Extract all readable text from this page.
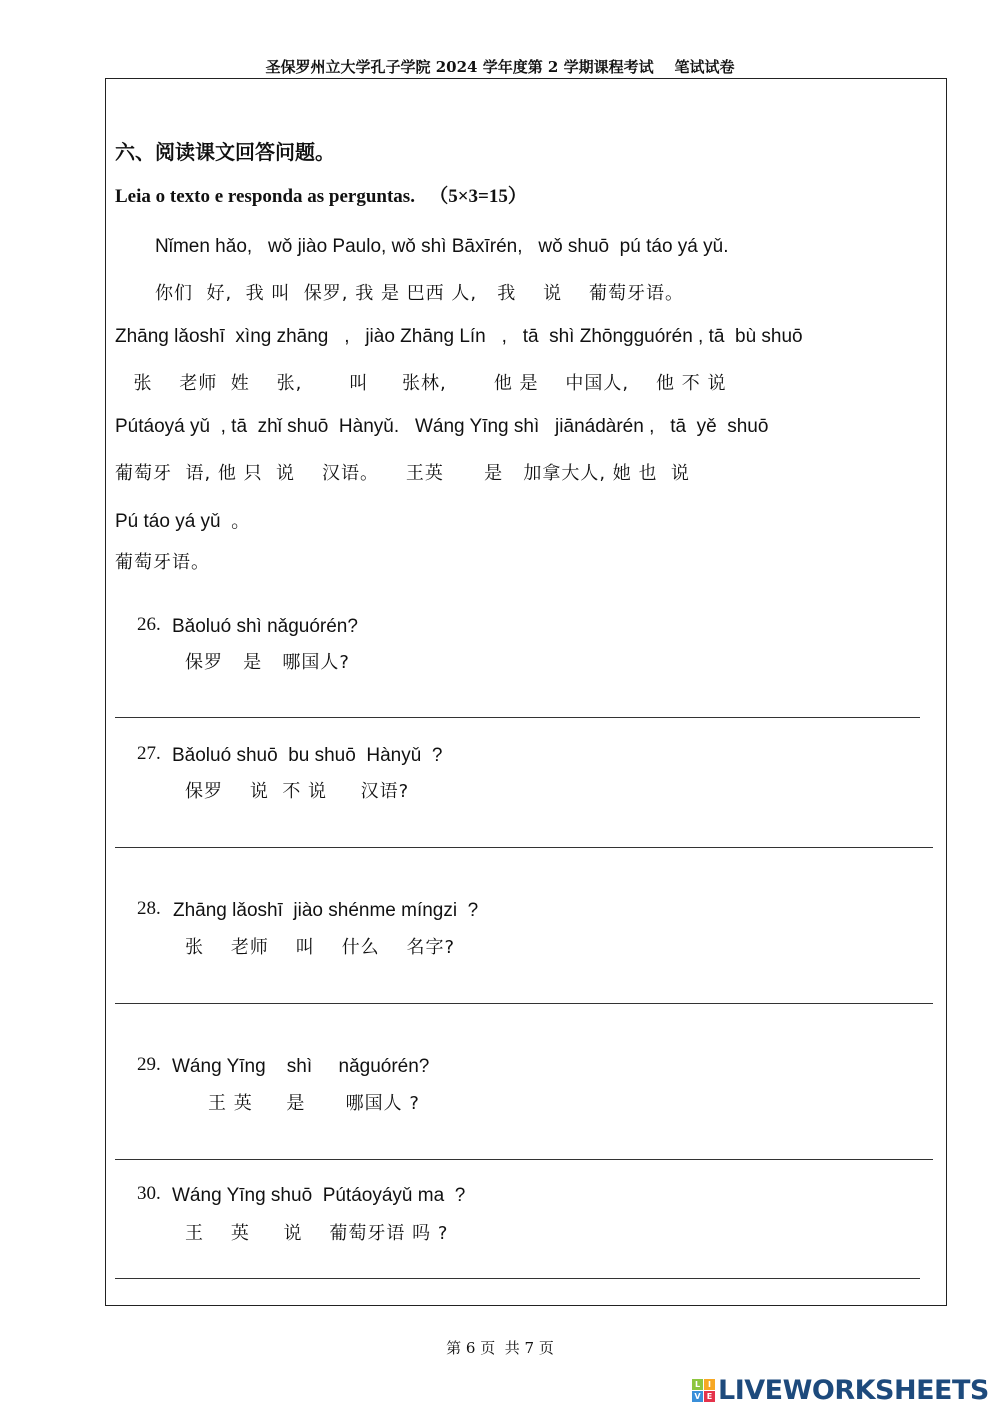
圣保罗州立大学孔子学院 2024 学年度第 2 学期课程考试    笔试试卷
六、阅读课文回答问题。
Leia o texto e responda as perguntas.   （5×3=15）
Nǐmen hǎo,   wǒ jiào Paulo, wǒ shì Bāxīrén,   wǒ shuō  pú táo yá yǔ.
你们  好,  我 叫  保罗, 我 是 巴西 人,   我    说    葡萄牙语。
Zhāng lǎoshī  xìng zhāng   ,   jiào Zhāng Lín   ,   tā  shì Zhōngguórén , tā  bù shuō
张    老师  姓    张,       叫     张林,       他 是    中国人,    他 不 说
Pútáoyá yǔ  , tā  zhǐ shuō  Hànyǔ.   Wáng Yīng shì   jiānádàrén ,   tā  yě  shuō
葡萄牙  语, 他 只  说    汉语。    王英      是   加拿大人, 她 也  说
Pú táo yá yǔ  。
葡萄牙语。
26. Bǎoluó shì nǎguórén?
保罗   是   哪国人?
27. Bǎoluó shuō  bu shuō  Hànyǔ  ?
保罗    说  不 说     汉语?
28. Zhāng lǎoshī  jiào shénme míngzi  ?
张    老师    叫    什么    名字?
29. Wáng Yīng    shì     nǎguórén?
王 英     是      哪国人 ?
30. Wáng Yīng shuō  Pútáoyáyǔ ma  ?
王    英     说    葡萄牙语 吗 ?
第 6 页  共 7 页
L I
V E LIVEWORKSHEETS
